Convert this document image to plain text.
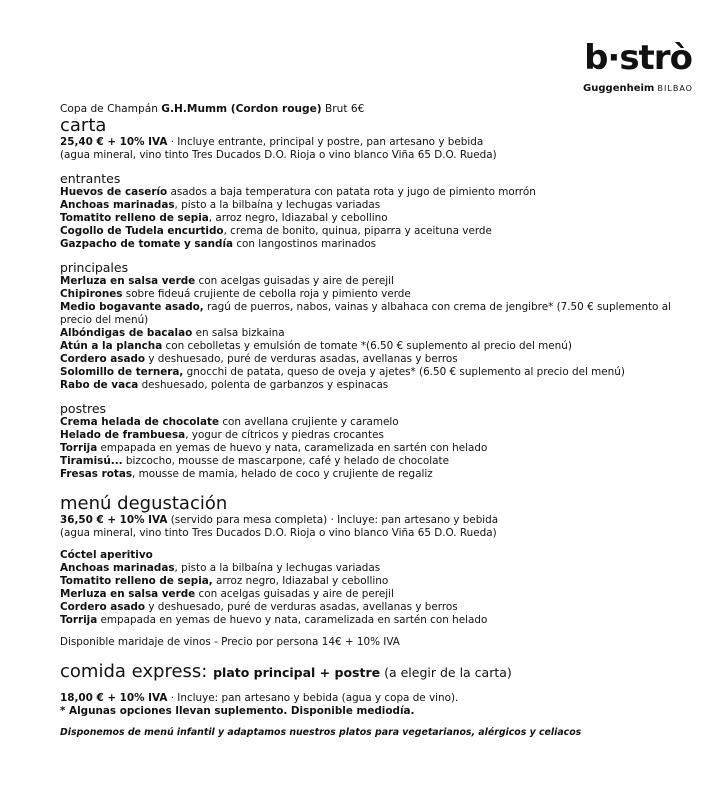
b·strò
Guggenheim BILBAO
Copa de Champán G.H.Mumm (Cordon rouge) Brut 6€
carta
25,40 € + 10% IVA · Incluye entrante, principal y postre, pan artesano y bebida
(agua mineral, vino tinto Tres Ducados D.O. Rioja o vino blanco Viña 65 D.O. Rueda)
entrantes
Huevos de caserío asados a baja temperatura con patata rota y jugo de pimiento morrón
Anchoas marinadas, pisto a la bilbaína y lechugas variadas
Tomatito relleno de sepia, arroz negro, Idiazabal y cebollino
Cogollo de Tudela encurtido, crema de bonito, quinua, piparra y aceituna verde
Gazpacho de tomate y sandía con langostinos marinados
principales
Merluza en salsa verde con acelgas guisadas y aire de perejil
Chipirones sobre fideuá crujiente de cebolla roja y pimiento verde
Medio bogavante asado, ragú de puerros, nabos, vainas y albahaca con crema de jengibre* (7.50 € suplemento al precio del menú)
Albóndigas de bacalao en salsa bizkaina
Atún a la plancha con cebolletas y emulsión de tomate *(6.50 € suplemento al precio del menú)
Cordero asado y deshuesado, puré de verduras asadas, avellanas y berros
Solomillo de ternera, gnocchi de patata, queso de oveja y ajetes* (6.50 € suplemento al precio del menú)
Rabo de vaca deshuesado, polenta de garbanzos y espinacas
postres
Crema helada de chocolate con avellana crujiente y caramelo
Helado de frambuesa, yogur de cítricos y piedras crocantes
Torrija empapada en yemas de huevo y nata, caramelizada en sartén con helado
Tiramisú... bizcocho, mousse de mascarpone, café y helado de chocolate
Fresas rotas, mousse de mamia, helado de coco y crujiente de regaliz
menú degustación
36,50 € + 10% IVA (servido para mesa completa) · Incluye: pan artesano y bebida
(agua mineral, vino tinto Tres Ducados D.O. Rioja o vino blanco Viña 65 D.O. Rueda)
Cóctel aperitivo
Anchoas marinadas, pisto a la bilbaína y lechugas variadas
Tomatito relleno de sepia, arroz negro, Idiazabal y cebollino
Merluza en salsa verde con acelgas guisadas y aire de perejil
Cordero asado y deshuesado, puré de verduras asadas, avellanas y berros
Torrija empapada en yemas de huevo y nata, caramelizada en sartén con helado
Disponible maridaje de vinos - Precio por persona 14€ + 10% IVA
comida express: plato principal + postre (a elegir de la carta)
18,00 € + 10% IVA · Incluye: pan artesano y bebida (agua y copa de vino).
* Algunas opciones llevan suplemento. Disponible mediodía.
Disponemos de menú infantil y adaptamos nuestros platos para vegetarianos, alérgicos y celiacos
